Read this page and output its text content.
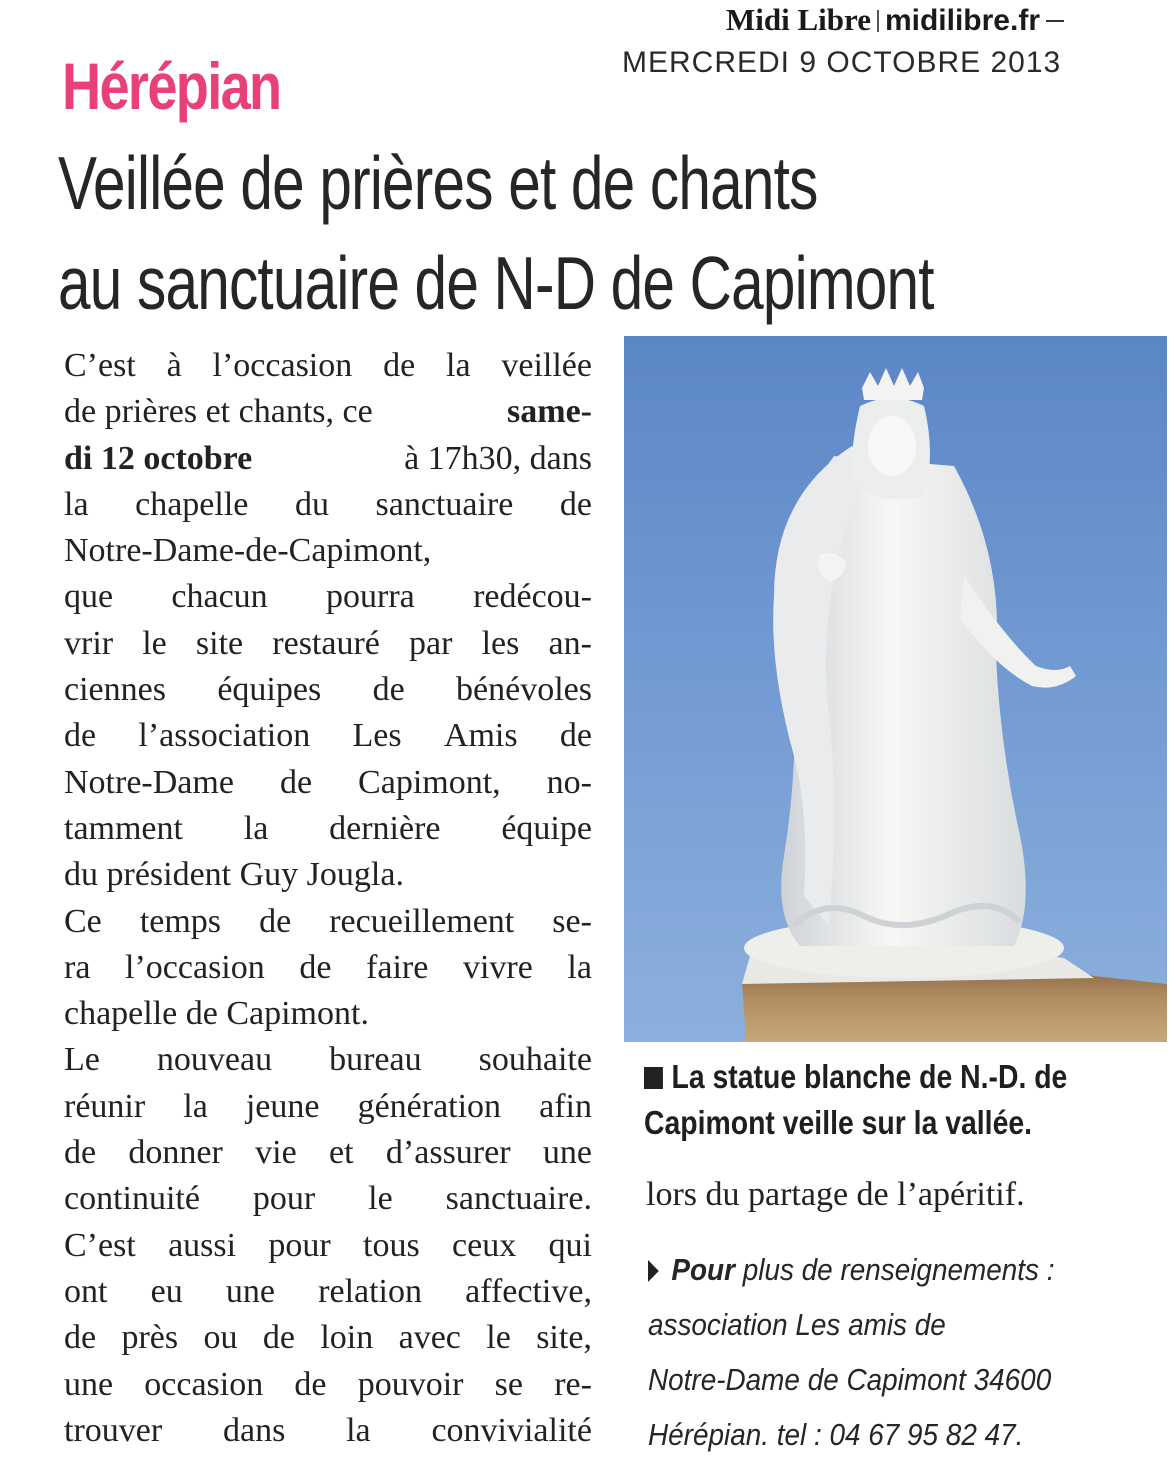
Midi Libre midilibre.fr
MERCREDI 9 OCTOBRE 2013
Hérépian
Veillée de prières et de chants
au sanctuaire de N-D de Capimont
C’est à l’occasion de la veillée
de prières et chants, ce	same-
di 12 octobre	à 17h30, dans
la chapelle du sanctuaire de
Notre-Dame-de-Capimont,
que chacun pourra redécou-
vrir le site restauré par les an-
ciennes équipes de bénévoles
de l’association Les Amis de
Notre-Dame de Capimont, no-
tamment la dernière équipe
du président Guy Jougla.
Ce temps de recueillement se-
ra l’occasion de faire vivre la
chapelle de Capimont.
Le nouveau bureau souhaite
réunir la jeune génération afin
de donner vie et d’assurer une
continuité pour le sanctuaire.
C’est aussi pour tous ceux qui
ont eu une relation affective,
de près ou de loin avec le site,
une occasion de pouvoir se re-
trouver dans la convivialité
La statue blanche de N.-D. de
Capimont veille sur la vallée.
lors du partage de l’apéritif.
Pour plus de renseignements :
association Les amis de
Notre-Dame de Capimont 34600
Hérépian. tel : 04 67 95 82 47.
